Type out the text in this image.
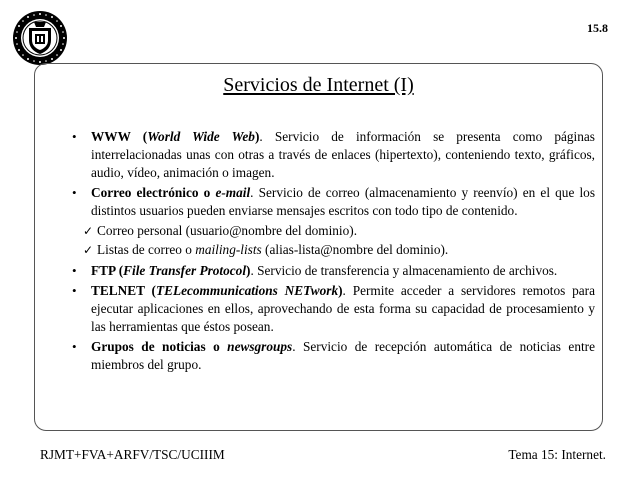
15.8
Servicios de Internet (I)
• WWW (World Wide Web). Servicio de información se presenta como páginas interrelacionadas unas con otras a través de enlaces (hipertexto), conteniendo texto, gráficos, audio, vídeo, animación o imagen.
• Correo electrónico o e-mail. Servicio de correo (almacenamiento y reenvío) en el que los distintos usuarios pueden enviarse mensajes escritos con todo tipo de contenido.
✓ Correo personal (usuario@nombre del dominio).
✓ Listas de correo o mailing-lists (alias-lista@nombre del dominio).
• FTP (File Transfer Protocol). Servicio de transferencia y almacenamiento de archivos.
• TELNET (TELecommunications NETwork). Permite acceder a servidores remotos para ejecutar aplicaciones en ellos, aprovechando de esta forma su capacidad de procesamiento y las herramientas que éstos posean.
• Grupos de noticias o newsgroups. Servicio de recepción automática de noticias entre miembros del grupo.
RJMT+FVA+ARFV/TSC/UCIIIM	Tema 15: Internet.
